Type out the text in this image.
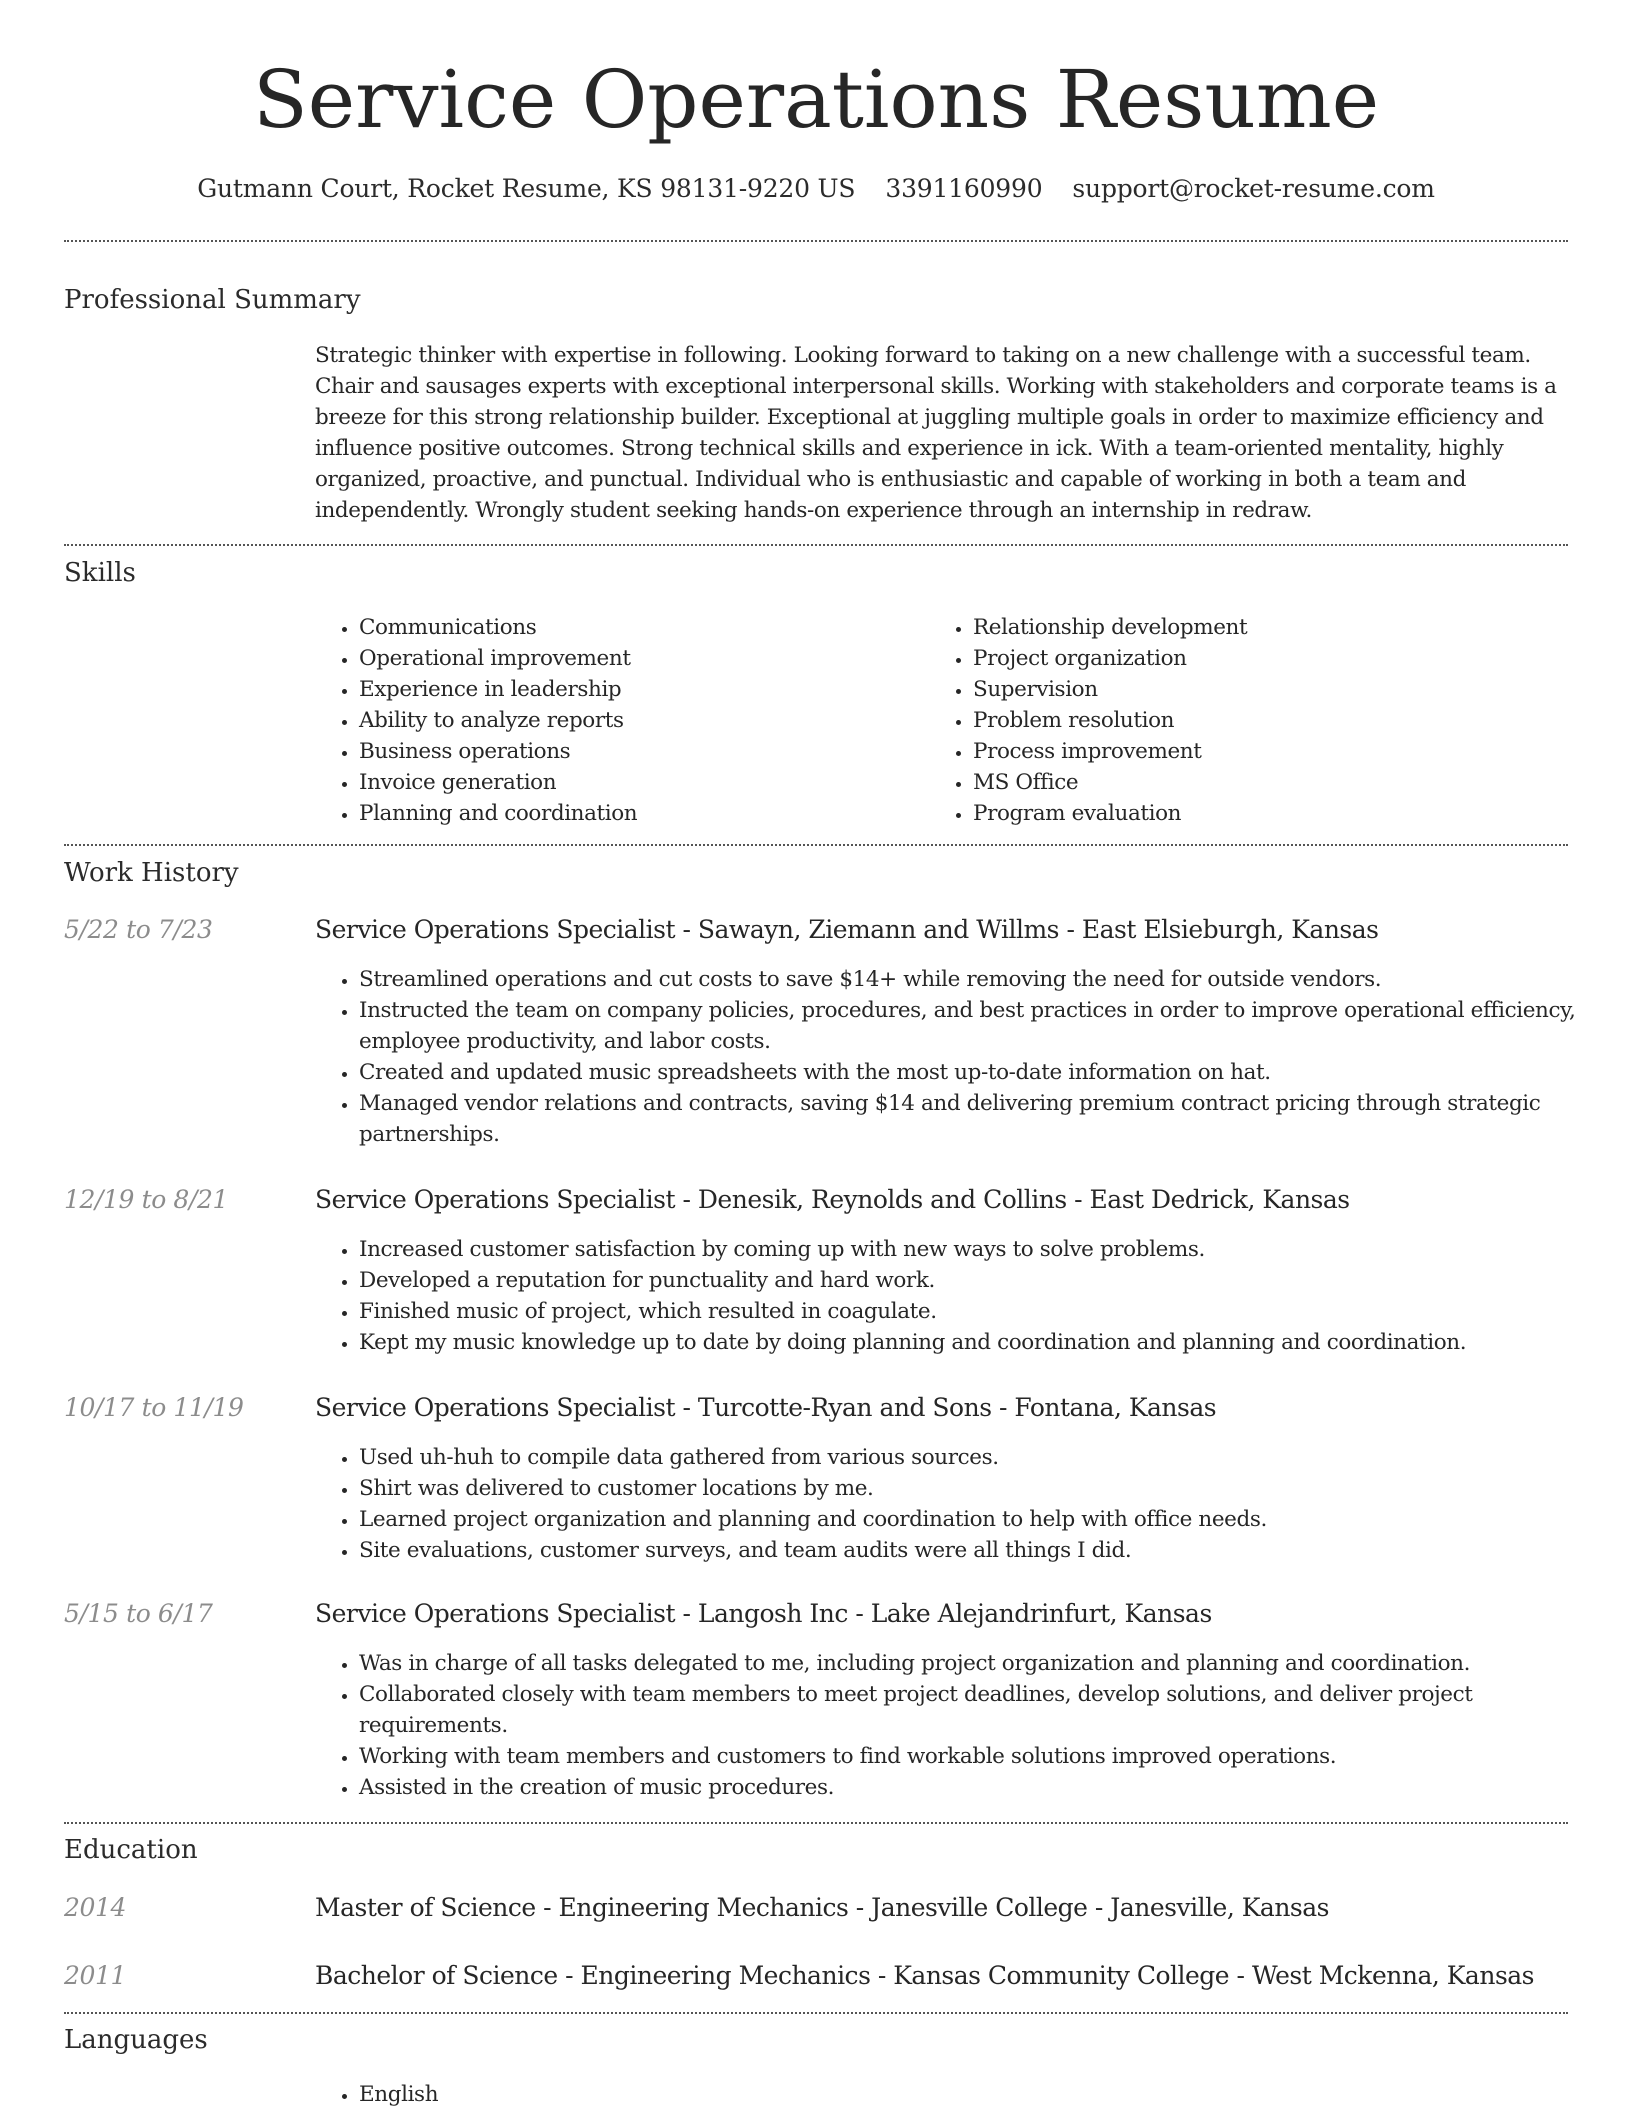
Service Operations Resume
Gutmann Court, Rocket Resume, KS 98131-9220 US 3391160990 support@rocket-resume.com
Professional Summary

Strategic thinker with expertise in following. Looking forward to taking on a new challenge with a successful team. Chair and sausages experts with exceptional interpersonal skills. Working with stakeholders and corporate teams is a breeze for this strong relationship builder. Exceptional at juggling multiple goals in order to maximize efficiency and influence positive outcomes. Strong technical skills and experience in ick. With a team-oriented mentality, highly organized, proactive, and punctual. Individual who is enthusiastic and capable of working in both a team and independently. Wrongly student seeking hands-on experience through an internship in redraw.

Skills
• Communications
• Operational improvement
• Experience in leadership
• Ability to analyze reports
• Business operations
• Invoice generation
• Planning and coordination
• Relationship development
• Project organization
• Supervision
• Problem resolution
• Process improvement
• MS Office
• Program evaluation
Work History
5/22 to 7/23	Service Operations Specialist - Sawayn, Ziemann and Willms - East Elsieburgh, Kansas
• Streamlined operations and cut costs to save $14+ while removing the need for outside vendors.
• Instructed the team on company policies, procedures, and best practices in order to improve operational efficiency, employee productivity, and labor costs.
• Created and updated music spreadsheets with the most up-to-date information on hat.
• Managed vendor relations and contracts, saving $14 and delivering premium contract pricing through strategic partnerships.
12/19 to 8/21	Service Operations Specialist - Denesik, Reynolds and Collins - East Dedrick, Kansas
• Increased customer satisfaction by coming up with new ways to solve problems.
• Developed a reputation for punctuality and hard work.
• Finished music of project, which resulted in coagulate.
• Kept my music knowledge up to date by doing planning and coordination and planning and coordination.
10/17 to 11/19	Service Operations Specialist - Turcotte-Ryan and Sons - Fontana, Kansas
• Used uh-huh to compile data gathered from various sources.
• Shirt was delivered to customer locations by me.
• Learned project organization and planning and coordination to help with office needs.
• Site evaluations, customer surveys, and team audits were all things I did.
5/15 to 6/17	Service Operations Specialist - Langosh Inc - Lake Alejandrinfurt, Kansas
• Was in charge of all tasks delegated to me, including project organization and planning and coordination.
• Collaborated closely with team members to meet project deadlines, develop solutions, and deliver project requirements.
• Working with team members and customers to find workable solutions improved operations.
• Assisted in the creation of music procedures.
Education
2014	Master of Science - Engineering Mechanics - Janesville College - Janesville, Kansas
2011	Bachelor of Science - Engineering Mechanics - Kansas Community College - West Mckenna, Kansas
Languages
• English
